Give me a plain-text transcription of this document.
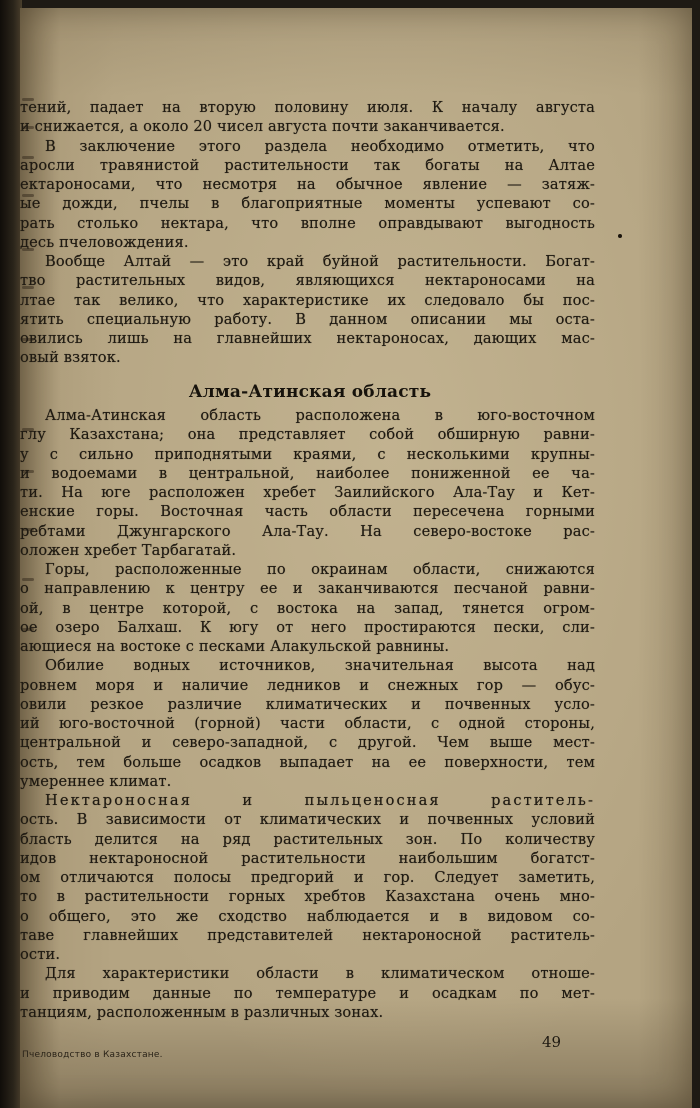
тений, падает на вторую половину июля. К началу августа
и снижается, а около 20 чисел августа почти заканчивается.
В заключение этого раздела необходимо отметить, что
аросли травянистой растительности так богаты на Алтае
ектароносами, что несмотря на обычное явление — затяж-
ые дожди, пчелы в благоприятные моменты успевают со-
рать столько нектара, что вполне оправдывают выгодность
десь пчеловождения.
Вообще Алтай — это край буйной растительности. Богат-
тво растительных видов, являющихся нектароносами на
лтае так велико, что характеристике их следовало бы пос-
ятить специальную работу. В данном описании мы оста-
овились лишь на главнейших нектароносах, дающих мас-
овый взяток.
Алма-Атинская область расположена в юго-восточном
глу Казахстана; она представляет собой обширную равни-
у с сильно приподнятыми краями, с несколькими крупны-
и водоемами в центральной, наиболее пониженной ее ча-
ти. На юге расположен хребет Заилийского Ала-Тау и Кет-
енские горы. Восточная часть области пересечена горными
ребтами Джунгарского Ала-Тау. На северо-востоке рас-
оложен хребет Тарбагатай.
Горы, расположенные по окраинам области, снижаются
о направлению к центру ее и заканчиваются песчаной равни-
ой, в центре которой, с востока на запад, тянется огром-
ое озеро Балхаш. К югу от него простираются пески, сли-
ающиеся на востоке с песками Алакульской равнины.
Обилие водных источников, значительная высота над
ровнем моря и наличие ледников и снежных гор — обус-
овили резкое различие климатических и почвенных усло-
ий юго-восточной (горной) части области, с одной стороны,
центральной и северо-западной, с другой. Чем выше мест-
ость, тем больше осадков выпадает на ее поверхности, тем
умереннее климат.
Нектароносная и пыльценосная раститель-
ость. В зависимости от климатических и почвенных условий
бласть делится на ряд растительных зон. По количеству
идов нектароносной растительности наибольшим богатст-
ом отличаются полосы предгорий и гор. Следует заметить,
то в растительности горных хребтов Казахстана очень мно-
о общего, это же сходство наблюдается и в видовом со-
таве главнейших представителей нектароносной раститель-
ости.
Для характеристики области в климатическом отноше-
и приводим данные по температуре и осадкам по мет-
танциям, расположенным в различных зонах.
Алма-Атинская область
49
Пчеловодство в Казахстане.
